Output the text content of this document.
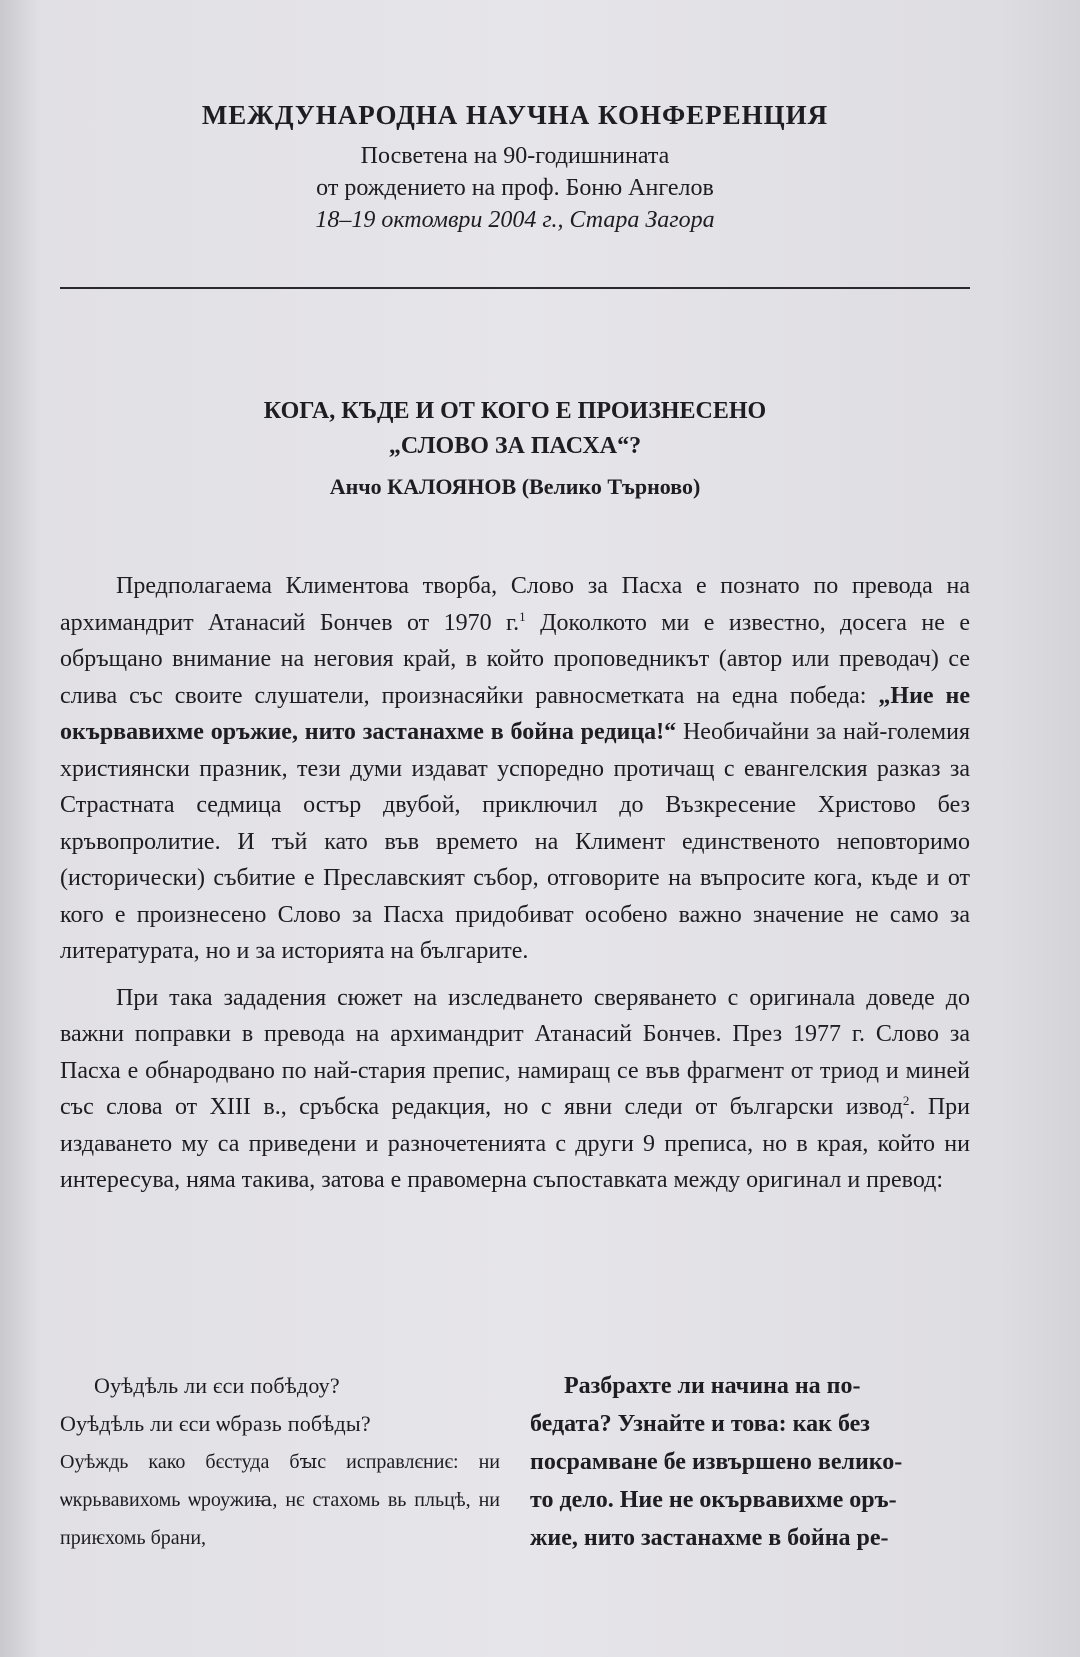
МЕЖДУНАРОДНА НАУЧНА КОНФЕРЕНЦИЯ
Посветена на 90-годишнината
от рождението на проф. Боню Ангелов
18–19 октомври 2004 г., Стара Загора
КОГА, КЪДЕ И ОТ КОГО Е ПРОИЗНЕСЕНО
„СЛОВО ЗА ПАСХА“?
Анчо КАЛОЯНОВ (Велико Търново)

Предполагаема Климентова творба, Слово за Пасха е познато по превода на архимандрит Атанасий Бончев от 1970 г.$^1$ Доколкото ми е известно, досега не е обръщано внимание на неговия край, в който проповедникът (автор или преводач) се слива със своите слушатели, произнасяйки равносметката на една победа: „Ние не окървавихме оръжие, нито застанахме в бойна редица!“ Необичайни за най-големия християнски празник, тези думи издават успоредно протичащ с евангелския разказ за Страстната седмица остър двубой, приключил до Възкресение Христово без кръвопролитие. И тъй като във времето на Климент единственото неповторимо (исторически) събитие е Преславският събор, отговорите на въпросите кога, къде и от кого е произнесено Слово за Пасха придобиват особено важно значение не само за литературата, но и за историята на българите.

При така зададения сюжет на изследването сверяването с оригинала доведе до важни поправки в превода на архимандрит Атанасий Бончев. През 1977 г. Слово за Пасха е обнародвано по най-стария препис, намиращ се във фрагмент от триод и миней със слова от XIII в., сръбска редакция, но с явни следи от български извод$^2$. При издаването му са приведени и разночетенията с други 9 преписа, но в края, който ни интересува, няма такива, затова е правомерна съпоставката между оригинал и превод:

Оуѣдѣль ли єси побѣдоу?
Оуѣдѣль ли єси ѡбразь побѣды?
Оуѣждь како бєстуда бꙑс исправлєниє: ни ѡкрьвавихомь ѡроужиꙗ, нє стахомь вь пльцѣ, ни приѥхомь брани,
Разбрахте ли начина на по-
бедата? Узнайте и това: как без
посрамване бе извършено велико-
то дело. Ние не окървавихме оръ-
жие, нито застанахме в бойна ре-
